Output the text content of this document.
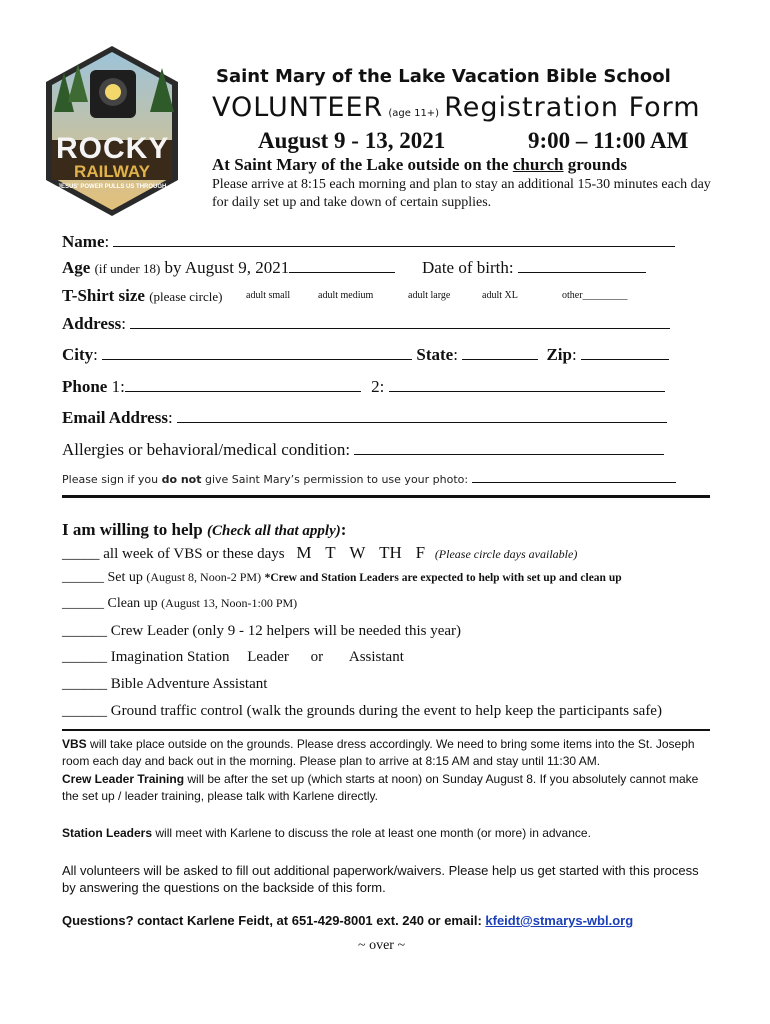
ROCKY
RAILWAY
JESUS' POWER PULLS US THROUGH
Saint Mary of the Lake Vacation Bible School
VOLUNTEER (age 11+) Registration Form
August 9 - 13, 2021	9:00 – 11:00 AM
At Saint Mary of the Lake outside on the church grounds
Please arrive at 8:15 each morning and plan to stay an additional 15-30 minutes each day for daily set up and take down of certain supplies.
Name:
Age (if under 18) by August 9, 2021	Date of birth:
T-Shirt size (please circle) adult small	adult medium	adult large	adult XL	other_________
Address:
City:	State:	Zip:
Phone 1:	2:
Email Address:
Allergies or behavioral/medical condition:
Please sign if you do not give Saint Mary’s permission to use your photo:
I am willing to help (Check all that apply):
_____ all week of VBS or these days M T W TH F (Please circle days available)
______ Set up (August 8, Noon-2 PM) *Crew and Station Leaders are expected to help with set up and clean up
______ Clean up (August 13, Noon-1:00 PM)
______ Crew Leader (only 9 - 12 helpers will be needed this year)
______ Imagination Station Leader or Assistant
______ Bible Adventure Assistant
______ Ground traffic control (walk the grounds during the event to help keep the participants safe)
VBS will take place outside on the grounds. Please dress accordingly. We need to bring some items into the St. Joseph room each day and back out in the morning. Please plan to arrive at 8:15 AM and stay until 11:30 AM.
Crew Leader Training will be after the set up (which starts at noon) on Sunday August 8. If you absolutely cannot make the set up / leader training, please talk with Karlene directly.
Station Leaders will meet with Karlene to discuss the role at least one month (or more) in advance.
All volunteers will be asked to fill out additional paperwork/waivers. Please help us get started with this process by answering the questions on the backside of this form.
Questions? contact Karlene Feidt, at 651-429-8001 ext. 240 or email: kfeidt@stmarys-wbl.org
~ over ~
